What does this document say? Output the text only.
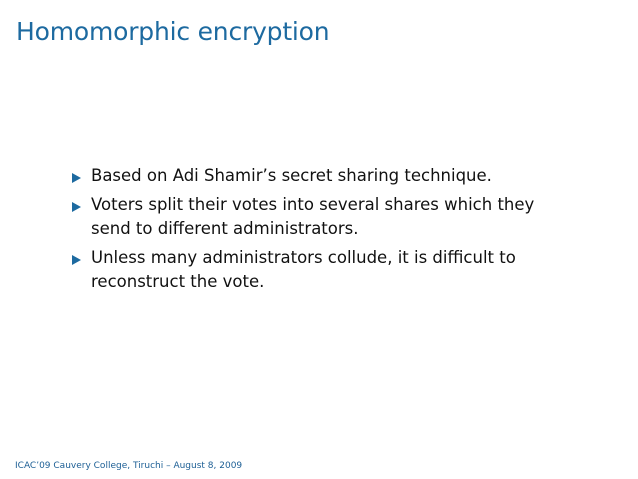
Homomorphic encryption
Based on Adi Shamir’s secret sharing technique.
Voters split their votes into several shares which they send to different administrators.
Unless many administrators collude, it is difficult to reconstruct the vote.
ICAC’09 Cauvery College, Tiruchi – August 8, 2009
